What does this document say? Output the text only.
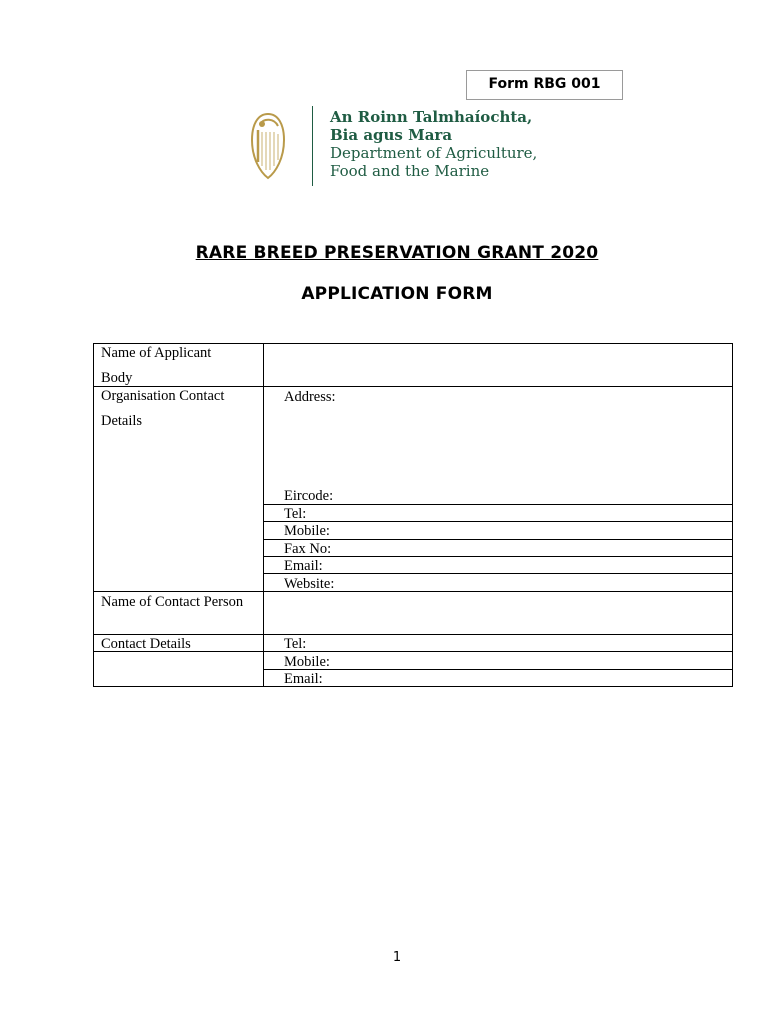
Form RBG 001
An Roinn Talmhaíochta,
Bia agus Mara
Department of Agriculture,
Food and the Marine
RARE BREED PRESERVATION GRANT 2020
APPLICATION FORM
Name of Applicant
Body
Organisation Contact
Details
Address:
Eircode:
Tel:
Mobile:
Fax No:
Email:
Website:
Name of Contact Person
Contact Details	Tel:
Mobile:
Email:
1
